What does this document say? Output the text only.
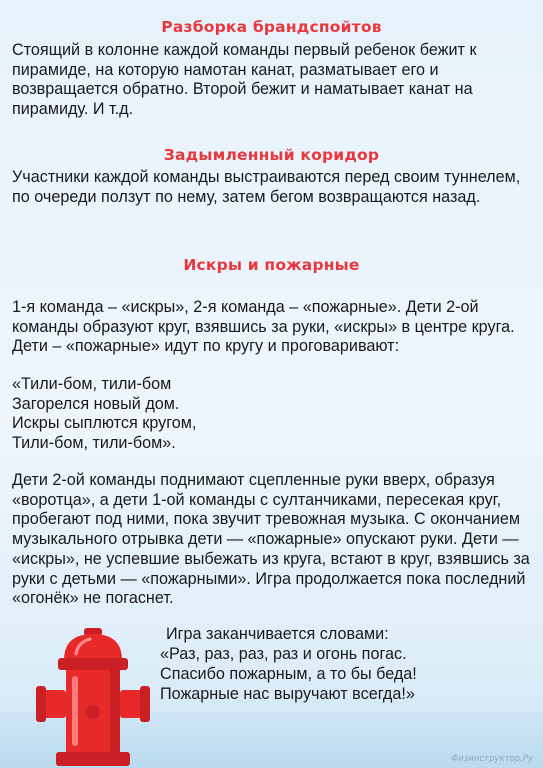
Разборка брандспойтов

Стоящий в колонне каждой команды первый ребенок бежит к пирамиде, на которую намотан канат, разматывает его и возвращается обратно. Второй бежит и наматывает канат на пирамиду. И т.д.

Задымленный коридор

Участники каждой команды выстраиваются перед своим туннелем, по очереди ползут по нему, затем бегом возвращаются назад.

Искры и пожарные

1-я команда – «искры», 2-я команда – «пожарные». Дети 2-ой команды образуют круг, взявшись за руки, «искры» в центре круга. Дети – «пожарные» идут по кругу и проговаривают:

«Тили-бом, тили-бом
Загорелся новый дом.
Искры сыплются кругом,
Тили-бом, тили-бом».

Дети 2-ой команды поднимают сцепленные руки вверх, образуя «воротца», а дети 1-ой команды с султанчиками, пересекая круг, пробегают под ними, пока звучит тревожная музыка. С окончанием музыкального отрывка дети — «пожарные» опускают руки. Дети — «искры», не успевшие выбежать из круга, встают в круг, взявшись за руки с детьми — «пожарными». Игра продолжается пока последний «огонёк» не погаснет.

Игра заканчивается словами:
«Раз, раз, раз, раз и огонь погас.
Спасибо пожарным, а то бы беда!
Пожарные нас выручают всегда!»
Физинструктор.Ру
